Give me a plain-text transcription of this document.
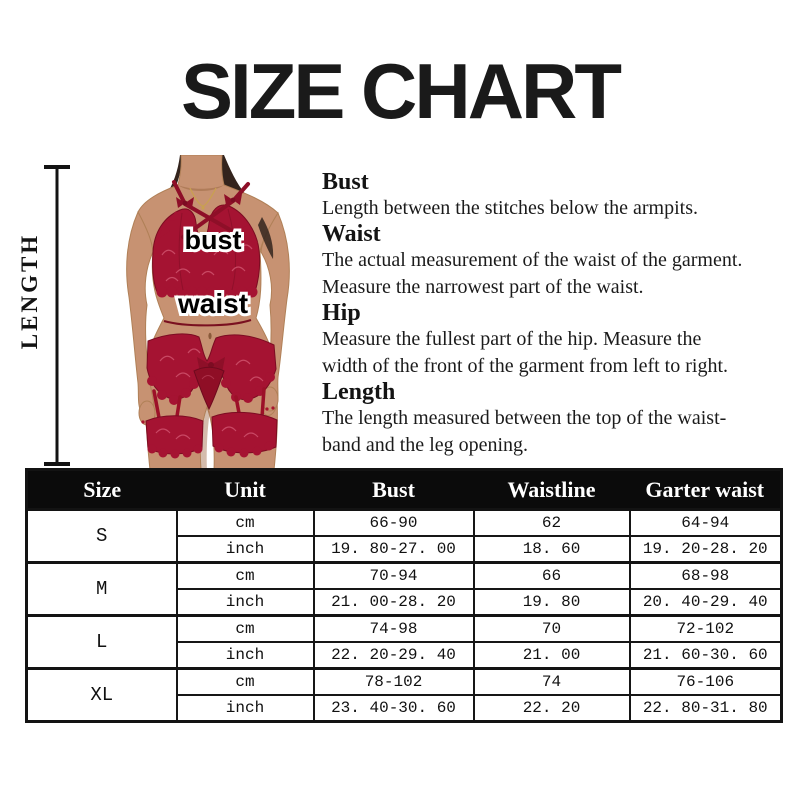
SIZE CHART
LENGTH	bust
waist
Bust
Length between the stitches below the armpits.
Waist
The actual measurement of the waist of the garment.
Measure the narrowest part of the waist.
Hip
Measure the fullest part of the hip. Measure the
width of the front of the garment from left to right.
Length
The length measured between the top of the waist-
band and the leg opening.
Size	Unit	Bust	Waistline	Garter waist
S	cm	66-90	62	64-94
	inch	19. 80-27. 00	18. 60	19. 20-28. 20
M	cm	70-94	66	68-98
	inch	21. 00-28. 20	19. 80	20. 40-29. 40
L	cm	74-98	70	72-102
	inch	22. 20-29. 40	21. 00	21. 60-30. 60
XL	cm	78-102	74	76-106
	inch	23. 40-30. 60	22. 20	22. 80-31. 80
